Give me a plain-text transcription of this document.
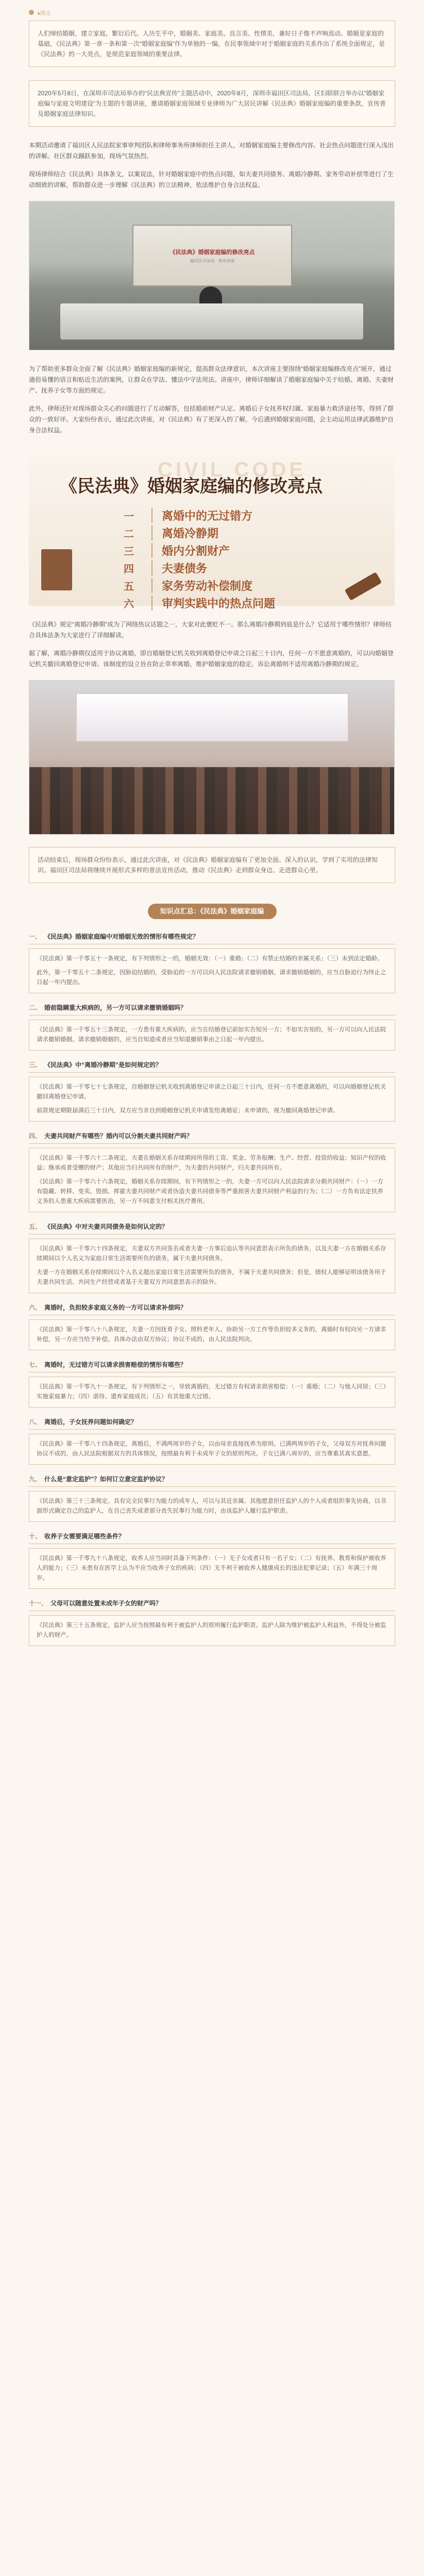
●图文

人们缔结婚姻，建立家庭，繁衍后代。人历生平中，婚姻美、家庭美、良言美、性情美，兼好日子像不声响流动。婚姻是家庭的基础，《民法典》第一章一条和第一次“婚姻家庭编”作为单独的一编，在民事领域中对于婚姻家庭的关系作出了系统全面规定，是《民法典》的一大亮点，是规范家庭领域的重要法律。

2020年5月8日，在深圳市司法局举办的“民法典宣传”主题活动中，2020年8月，深圳市福田区司法局、区妇联联合举办以“婚姻家庭编与家庭文明建设”为主题的专题讲座，邀请婚姻家庭领域专业律师为广大居民讲解《民法典》婚姻家庭编的重要条款，宣传普及婚姻家庭法律知识。

本期活动邀请了福田区人民法院家事审判团队和律师事务所律师担任主讲人，对婚姻家庭编主要修改内容、社会热点问题进行深入浅出的讲解。社区群众踊跃参加，现场气氛热烈。

现场律师结合《民法典》具体条文，以案说法，针对婚姻家庭中的热点问题，如夫妻共同债务、离婚冷静期、家务劳动补偿等进行了生动细致的讲解，帮助群众进一步理解《民法典》的立法精神，依法维护自身合法权益。

《民法典》婚姻家庭编的修改亮点
福田区司法局 · 普法讲座

为了帮助更多群众全面了解《民法典》婚姻家庭编的新规定，提高群众法律意识，本次讲座主要围绕“婚姻家庭编修改亮点”展开，通过通俗易懂的语言和贴近生活的案例，让群众在学法、懂法中守法用法。讲座中，律师详细解读了婚姻家庭编中关于结婚、离婚、夫妻财产、抚养子女等方面的规定。

此外，律师还针对现场群众关心的问题进行了互动解答，包括婚前财产认定、离婚后子女抚养权归属、家庭暴力救济途径等，得到了群众的一致好评。大家纷纷表示，通过此次讲座，对《民法典》有了更深入的了解，今后遇到婚姻家庭问题，会主动运用法律武器维护自身合法权益。

CIVIL CODE
《民法典》婚姻家庭编的修改亮点
一	离婚中的无过错方
二	离婚冷静期
三	婚内分割财产
四	夫妻债务
五	家务劳动补偿制度
六	审判实践中的热点问题

《民法典》规定“离婚冷静期”成为了网络热议话题之一，大家对此褒贬不一。那么离婚冷静期到底是什么？它适用于哪些情形？律师结合具体法条为大家进行了详细解读。

据了解，离婚冷静期仅适用于协议离婚，即自婚姻登记机关收到离婚登记申请之日起三十日内，任何一方不愿意离婚的，可以向婚姻登记机关撤回离婚登记申请。该制度的设立旨在防止草率离婚，维护婚姻家庭的稳定。诉讼离婚则不适用离婚冷静期的规定。

活动结束后，现场群众纷纷表示，通过此次讲座，对《民法典》婚姻家庭编有了更加全面、深入的认识，学到了实用的法律知识。福田区司法局将继续开展形式多样的普法宣传活动，推动《民法典》走到群众身边、走进群众心里。

知识点汇总：《民法典》婚姻家庭编
一、 《民法典》婚姻家庭编中对婚姻无效的情形有哪些规定？

《民法典》第一千零五十一条规定，有下列情形之一的，婚姻无效：（一）重婚；（二）有禁止结婚的亲属关系；（三）未到法定婚龄。

此外，第一千零五十二条规定，因胁迫结婚的，受胁迫的一方可以向人民法院请求撤销婚姻。请求撤销婚姻的，应当自胁迫行为终止之日起一年内提出。

二、 婚前隐瞒重大疾病的，另一方可以请求撤销婚姻吗？

《民法典》第一千零五十三条规定，一方患有重大疾病的，应当在结婚登记前如实告知另一方；不如实告知的，另一方可以向人民法院请求撤销婚姻。请求撤销婚姻的，应当自知道或者应当知道撤销事由之日起一年内提出。

三、 《民法典》中“离婚冷静期”是如何规定的？

《民法典》第一千零七十七条规定，自婚姻登记机关收到离婚登记申请之日起三十日内，任何一方不愿意离婚的，可以向婚姻登记机关撤回离婚登记申请。

前款规定期限届满后三十日内，双方应当亲自到婚姻登记机关申请发给离婚证；未申请的，视为撤回离婚登记申请。

四、 夫妻共同财产有哪些？婚内可以分割夫妻共同财产吗？

《民法典》第一千零六十二条规定，夫妻在婚姻关系存续期间所得的工资、奖金、劳务报酬；生产、经营、投资的收益；知识产权的收益；继承或者受赠的财产；其他应当归共同所有的财产，为夫妻的共同财产，归夫妻共同所有。

《民法典》第一千零六十六条规定，婚姻关系存续期间，有下列情形之一的，夫妻一方可以向人民法院请求分割共同财产：（一）一方有隐藏、转移、变卖、毁损、挥霍夫妻共同财产或者伪造夫妻共同债务等严重损害夫妻共同财产利益的行为；（二）一方负有法定扶养义务的人患重大疾病需要医治，另一方不同意支付相关医疗费用。

五、 《民法典》中对夫妻共同债务是如何认定的？

《民法典》第一千零六十四条规定，夫妻双方共同签名或者夫妻一方事后追认等共同意思表示所负的债务，以及夫妻一方在婚姻关系存续期间以个人名义为家庭日常生活需要所负的债务，属于夫妻共同债务。

夫妻一方在婚姻关系存续期间以个人名义超出家庭日常生活需要所负的债务，不属于夫妻共同债务；但是，债权人能够证明该债务用于夫妻共同生活、共同生产经营或者基于夫妻双方共同意思表示的除外。

六、 离婚时，负担较多家庭义务的一方可以请求补偿吗？

《民法典》第一千零八十八条规定，夫妻一方因抚育子女、照料老年人、协助另一方工作等负担较多义务的，离婚时有权向另一方请求补偿，另一方应当给予补偿。具体办法由双方协议；协议不成的，由人民法院判决。

七、 离婚时，无过错方可以请求损害赔偿的情形有哪些？

《民法典》第一千零九十一条规定，有下列情形之一，导致离婚的，无过错方有权请求损害赔偿：（一）重婚；（二）与他人同居；（三）实施家庭暴力；（四）虐待、遗弃家庭成员；（五）有其他重大过错。

八、 离婚后，子女抚养问题如何确定？

《民法典》第一千零八十四条规定，离婚后，不满两周岁的子女，以由母亲直接抚养为原则。已满两周岁的子女，父母双方对抚养问题协议不成的，由人民法院根据双方的具体情况，按照最有利于未成年子女的原则判决。子女已满八周岁的，应当尊重其真实意愿。

九、 什么是“意定监护”？如何订立意定监护协议？

《民法典》第三十三条规定，具有完全民事行为能力的成年人，可以与其近亲属、其他愿意担任监护人的个人或者组织事先协商，以书面形式确定自己的监护人，在自己丧失或者部分丧失民事行为能力时，由该监护人履行监护职责。

十、 收养子女需要满足哪些条件？

《民法典》第一千零九十八条规定，收养人应当同时具备下列条件：（一）无子女或者只有一名子女；（二）有抚养、教育和保护被收养人的能力；（三）未患有在医学上认为不应当收养子女的疾病；（四）无不利于被收养人健康成长的违法犯罪记录；（五）年满三十周岁。

十一、 父母可以随意处置未成年子女的财产吗？

《民法典》第三十五条规定，监护人应当按照最有利于被监护人的原则履行监护职责。监护人除为维护被监护人利益外，不得处分被监护人的财产。
